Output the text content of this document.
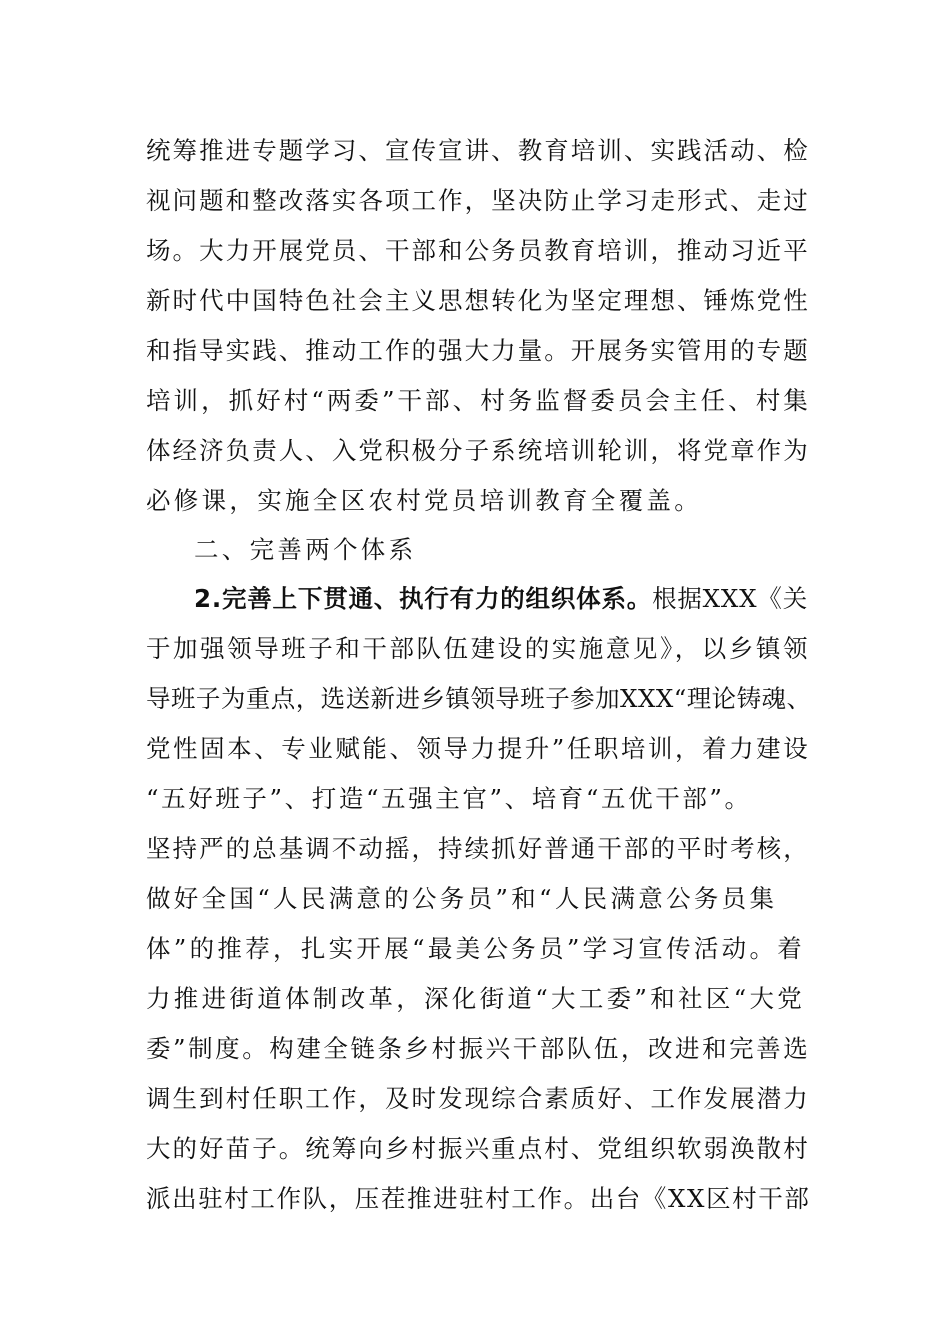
统筹推进专题学习、宣传宣讲、教育培训、实践活动、检
视问题和整改落实各项工作，坚决防止学习走形式、走过
场。大力开展党员、干部和公务员教育培训，推动习近平
新时代中国特色社会主义思想转化为坚定理想、锤炼党性
和指导实践、推动工作的强大力量。开展务实管用的专题
培训，抓好村“两委”干部、村务监督委员会主任、村集
体经济负责人、入党积极分子系统培训轮训，将党章作为
必修课，实施全区农村党员培训教育全覆盖。
二、完善两个体系
2.完善上下贯通、执行有力的组织体系。根据XXX《关
于加强领导班子和干部队伍建设的实施意见》，以乡镇领
导班子为重点，选送新进乡镇领导班子参加XXX“理论铸魂、
党性固本、专业赋能、领导力提升”任职培训，着力建设
“五好班子”、打造“五强主官”、培育“五优干部”。
坚持严的总基调不动摇，持续抓好普通干部的平时考核，
做好全国“人民满意的公务员”和“人民满意公务员集
体”的推荐，扎实开展“最美公务员”学习宣传活动。着
力推进街道体制改革，深化街道“大工委”和社区“大党
委”制度。构建全链条乡村振兴干部队伍，改进和完善选
调生到村任职工作，及时发现综合素质好、工作发展潜力
大的好苗子。统筹向乡村振兴重点村、党组织软弱涣散村
派出驻村工作队，压茬推进驻村工作。出台《XX区村干部
